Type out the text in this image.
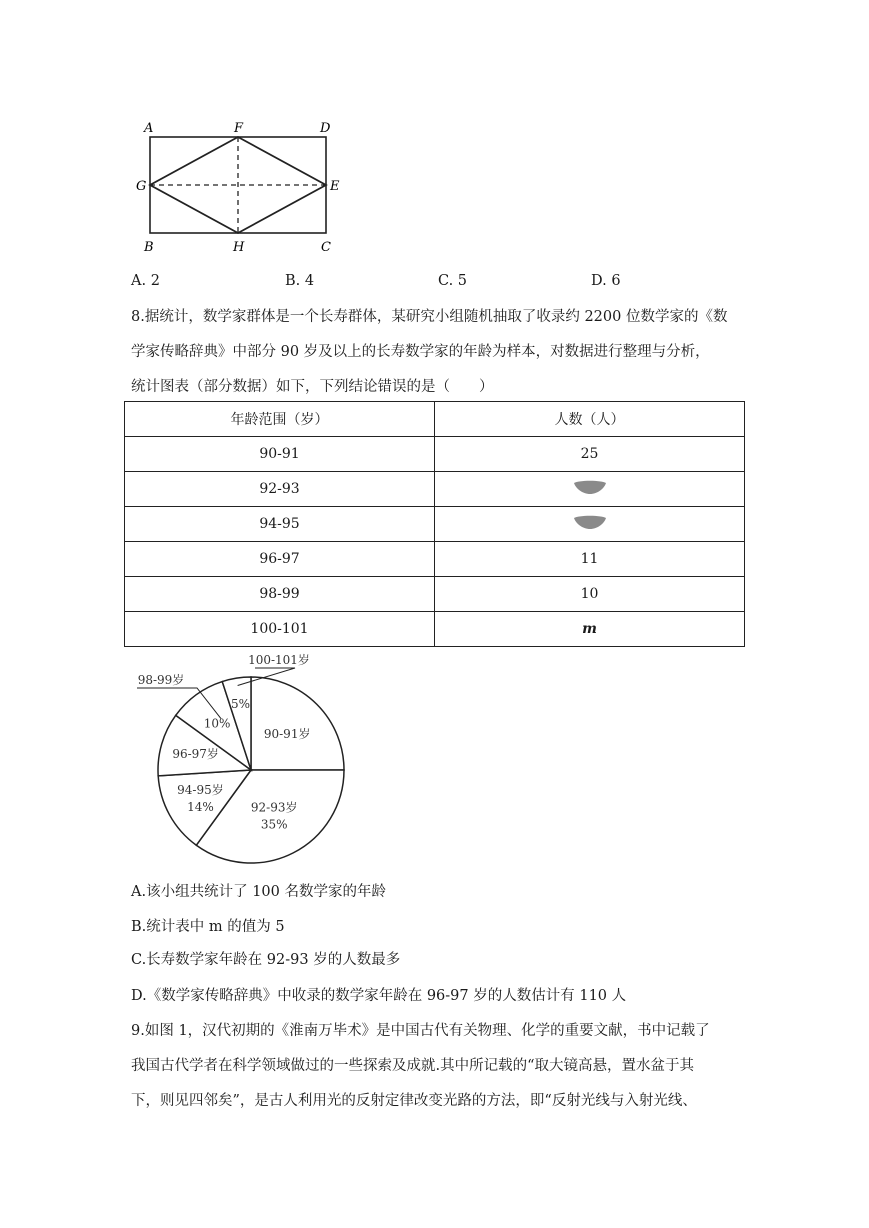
A	F	D
G	E
B	H	C
A. 2	B. 4	C. 5	D. 6
8.据统计，数学家群体是一个长寿群体，某研究小组随机抽取了收录约 2200 位数学家的《数
学家传略辞典》中部分 90 岁及以上的长寿数学家的年龄为样本，对数据进行整理与分析，
统计图表（部分数据）如下，下列结论错误的是（　　）
年龄范围（岁）	人数（人）
90-91	25
92-93	
94-95	
96-97	11
98-99	10
100-101	m
90-91岁
92-93岁
35%
94-95岁
14%
96-97岁
98-99岁
10%
100-101岁
5%
A.该小组共统计了 100 名数学家的年龄
B.统计表中 m 的值为 5
C.长寿数学家年龄在 92-93 岁的人数最多
D.《数学家传略辞典》中收录的数学家年龄在 96-97 岁的人数估计有 110 人
9.如图 1，汉代初期的《淮南万毕术》是中国古代有关物理、化学的重要文献，书中记载了
我国古代学者在科学领域做过的一些探索及成就.其中所记载的“取大镜高悬，置水盆于其
下，则见四邻矣”，是古人利用光的反射定律改变光路的方法，即“反射光线与入射光线、
